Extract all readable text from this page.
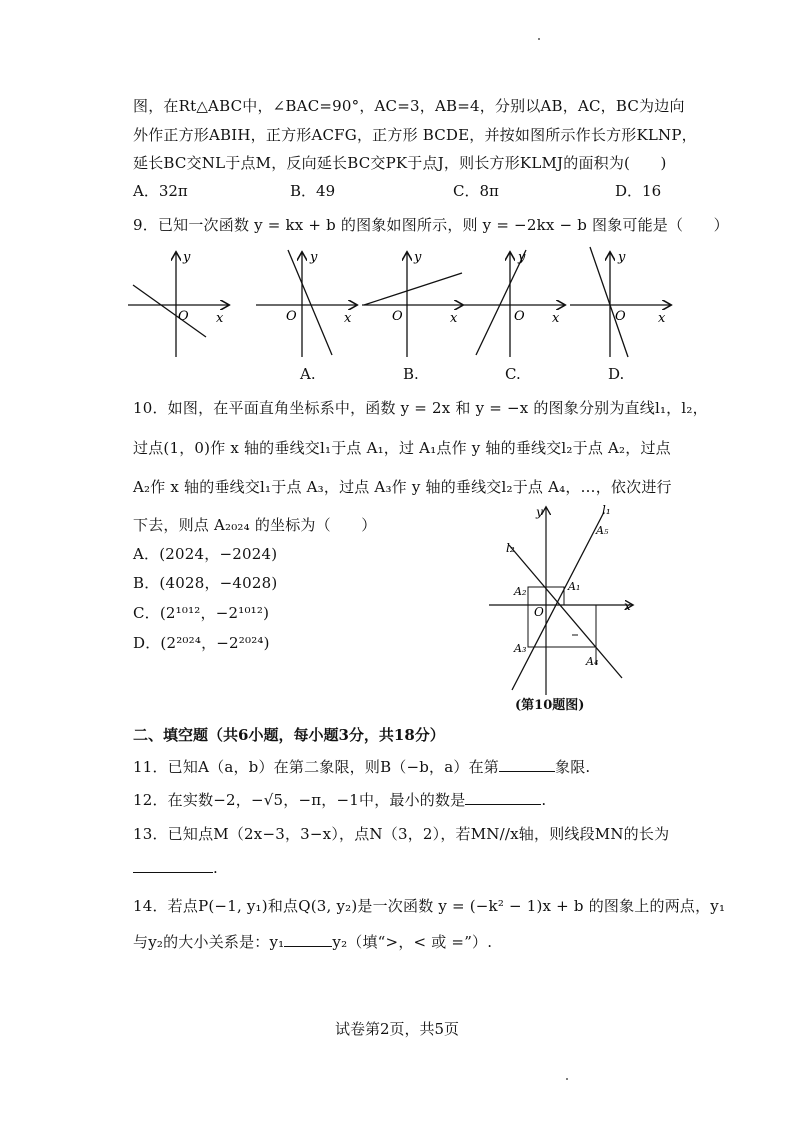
图，在Rt△ABC中，∠BAC=90°，AC=3，AB=4，分别以AB，AC，BC为边向
外作正方形ABIH，正方形ACFG，正方形 BCDE，并按如图所示作长方形KLNP，
延长BC交NL于点M，反向延长BC交PK于点J，则长方形KLMJ的面积为(　　)
A．32π	B．49	C．8π	D．16
9．已知一次函数 y = kx + b 的图象如图所示，则 y = −2kx − b 图象可能是（　　）
y
x
O
y
x
O
y
x
O
y
x
O
y
x
O
A.	B.	C.	D.
10．如图，在平面直角坐标系中，函数 y = 2x 和 y = −x 的图象分别为直线l₁，l₂，
过点(1，0)作 x 轴的垂线交l₁于点 A₁，过 A₁点作 y 轴的垂线交l₂于点 A₂，过点
A₂作 x 轴的垂线交l₁于点 A₃，过点 A₃作 y 轴的垂线交l₂于点 A₄，…，依次进行
下去，则点 A₂₀₂₄ 的坐标为（　　）
A．(2024，−2024)
B．(4028，−4028)
C．(2¹⁰¹²，−2¹⁰¹²)
D．(2²⁰²⁴，−2²⁰²⁴)
y
x
O
l₁
l₂
A₁
A₂
A₃
A₄
A₅
(第10题图)
二、填空题（共6小题，每小题3分，共18分）
11．已知A（a，b）在第二象限，则B（−b，a）在第	象限.
12．在实数−2，−√5，−π，−1中，最小的数是	.
13．已知点M（2x−3，3−x），点N（3，2），若MN//x轴，则线段MN的长为
.
14．若点P(−1, y₁)和点Q(3, y₂)是一次函数 y = (−k² − 1)x + b 的图象上的两点，y₁
与y₂的大小关系是：y₁	y₂（填“>，< 或 =”）.
试卷第2页，共5页
